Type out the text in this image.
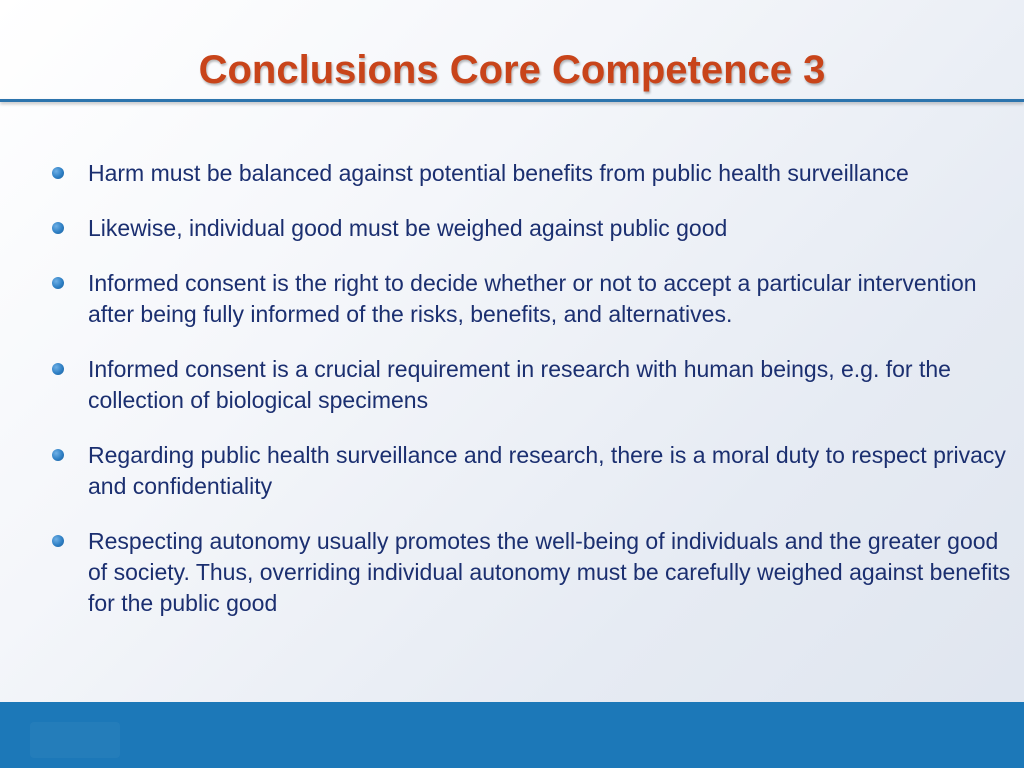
Conclusions Core Competence 3
Harm must be balanced against potential benefits from public health surveillance
Likewise, individual good must be weighed against public good
Informed consent is the right to decide whether or not to accept a particular intervention after being fully informed of the risks, benefits, and alternatives.
Informed consent is a crucial requirement in research with human beings, e.g. for the collection of biological specimens
Regarding public health surveillance and research, there is a moral duty to respect privacy and confidentiality
Respecting autonomy usually promotes the well-being of individuals and the greater good of society. Thus, overriding individual autonomy must be carefully weighed against benefits for the public good
